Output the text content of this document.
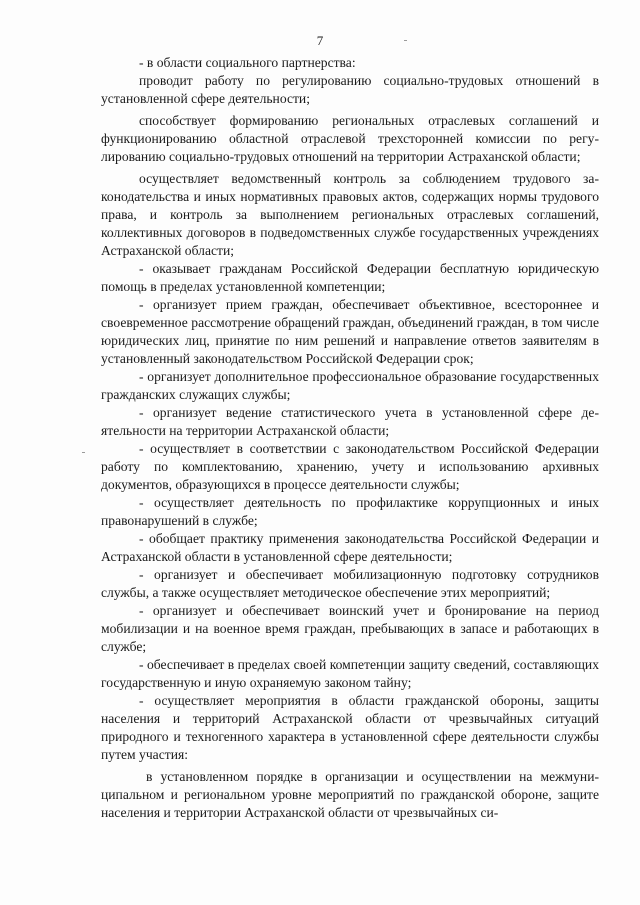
7

- в области социального партнерства:

проводит работу по регулированию социально-трудовых отношений в установленной сфере деятельности;

способствует формированию региональных отраслевых соглашений и функционированию областной отраслевой трехсторонней комиссии по регулированию социально-трудовых отношений на территории Астраханской области;

осуществляет ведомственный контроль за соблюдением трудового законодательства и иных нормативных правовых актов, содержащих нормы трудового права, и контроль за выполнением региональных отраслевых соглашений, коллективных договоров в подведомственных службе государственных учреждениях Астраханской области;

- оказывает гражданам Российской Федерации бесплатную юридическую помощь в пределах установленной компетенции;

- организует прием граждан, обеспечивает объективное, всестороннее и своевременное рассмотрение обращений граждан, объединений граждан, в том числе юридических лиц, принятие по ним решений и направление ответов заявителям в установленный законодательством Российской Федерации срок;

- организует дополнительное профессиональное образование государственных гражданских служащих службы;

- организует ведение статистического учета в установленной сфере деятельности на территории Астраханской области;

- осуществляет в соответствии с законодательством Российской Федерации работу по комплектованию, хранению, учету и использованию архивных документов, образующихся в процессе деятельности службы;

- осуществляет деятельность по профилактике коррупционных и иных правонарушений в службе;

- обобщает практику применения законодательства Российской Федерации и Астраханской области в установленной сфере деятельности;

- организует и обеспечивает мобилизационную подготовку сотрудников службы, а также осуществляет методическое обеспечение этих мероприятий;

- организует и обеспечивает воинский учет и бронирование на период мобилизации и на военное время граждан, пребывающих в запасе и работающих в службе;

- обеспечивает в пределах своей компетенции защиту сведений, составляющих государственную и иную охраняемую законом тайну;

- осуществляет мероприятия в области гражданской обороны, защиты населения и территорий Астраханской области от чрезвычайных ситуаций природного и техногенного характера в установленной сфере деятельности службы путем участия:

в установленном порядке в организации и осуществлении на межмуниципальном и региональном уровне мероприятий по гражданской обороне, защите населения и территории Астраханской области от чрезвычайных си-
